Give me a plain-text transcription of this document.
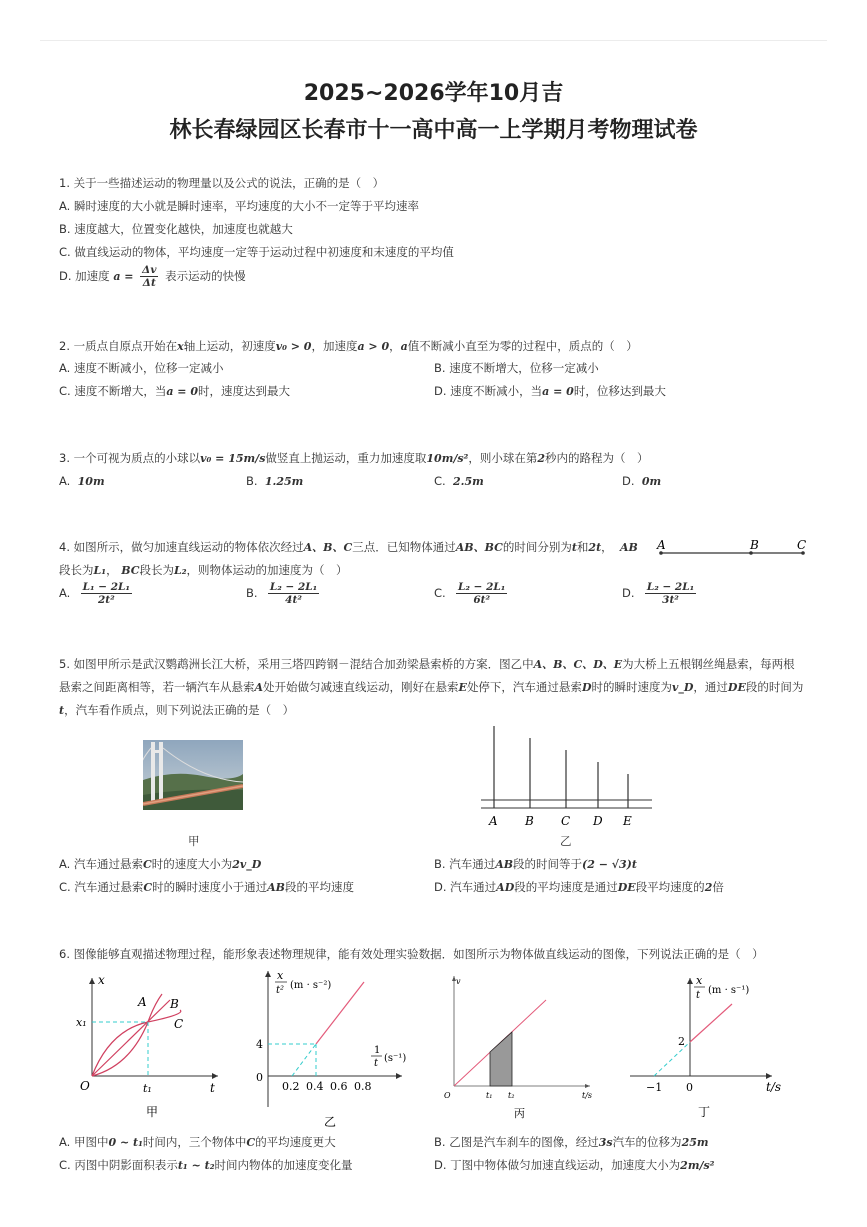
2025~2026学年10月吉
林长春绿园区长春市十一高中高一上学期月考物理试卷
1. 关于一些描述运动的物理量以及公式的说法，正确的是（　）
A. 瞬时速度的大小就是瞬时速率，平均速度的大小不一定等于平均速率
B. 速度越大，位置变化越快，加速度也就越大
C. 做直线运动的物体，平均速度一定等于运动过程中初速度和末速度的平均值
D. 加速度 $a = \frac{\Delta v}{\Delta t}$ 表示运动的快慢
2. 一质点自原点开始在x轴上运动，初速度v₀ > 0，加速度a > 0，a值不断减小直至为零的过程中，质点的（　）
A. 速度不断减小，位移一定减小	B. 速度不断增大，位移一定减小
C. 速度不断增大，当a = 0时，速度达到最大	D. 速度不断减小，当a = 0时，位移达到最大
3. 一个可视为质点的小球以v₀ = 15m/s做竖直上抛运动，重力加速度取10m/s²，则小球在第2秒内的路程为（　）
A. 10m	B. 1.25m	C. 2.5m	D. 0m
4. 如图所示，做匀加速直线运动的物体依次经过A、B、C三点．已知物体通过AB、BC的时间分别为t和2t， AB
段长为L₁， BC段长为L₂，则物体运动的加速度为（　）
A	B	C
A. $\frac{\text{L₁ − 2L₁}}{\text{2t²}}$	B. $\frac{\text{L₂ − 2L₁}}{\text{4t²}}$	C. $\frac{\text{L₂ − 2L₁}}{\text{6t²}}$	D. $\frac{\text{L₂ − 2L₁}}{\text{3t²}}$
5. 如图甲所示是武汉鹦鹉洲长江大桥，采用三塔四跨钢－混结合加劲梁悬索桥的方案．图乙中A、B、C、D、E为大桥上五根钢丝绳悬索，每两根
悬索之间距离相等，若一辆汽车从悬索A处开始做匀减速直线运动，刚好在悬索E处停下，汽车通过悬索D时的瞬时速度为v_D，通过DE段的时间为
t，汽车看作质点，则下列说法正确的是（　）
甲
A B C D E
乙
A. 汽车通过悬索C时的速度大小为2v_D	B. 汽车通过AB段的时间等于(2 − √3)t
C. 汽车通过悬索C时的瞬时速度小于通过AB段的平均速度	D. 汽车通过AD段的平均速度是通过DE段平均速度的2倍
6. 图像能够直观描述物理过程，能形象表述物理规律，能有效处理实验数据．如图所示为物体做直线运动的图像，下列说法正确的是（　）
x
t
x₁
t₁
O
A B
C
甲
x
t² (m · s⁻²)
1
t (s⁻¹)
4
0
0.2 0.4 0.6 0.8
乙
v
O	t₁ t₂	t/s
丙
x
t (m · s⁻¹)
2
−1 0	t/s
丁
A. 甲图中0 ~ t₁时间内，三个物体中C的平均速度更大	B. 乙图是汽车刹车的图像，经过3s汽车的位移为25m
C. 丙图中阴影面积表示t₁ ~ t₂时间内物体的加速度变化量	D. 丁图中物体做匀加速直线运动，加速度大小为2m/s²
